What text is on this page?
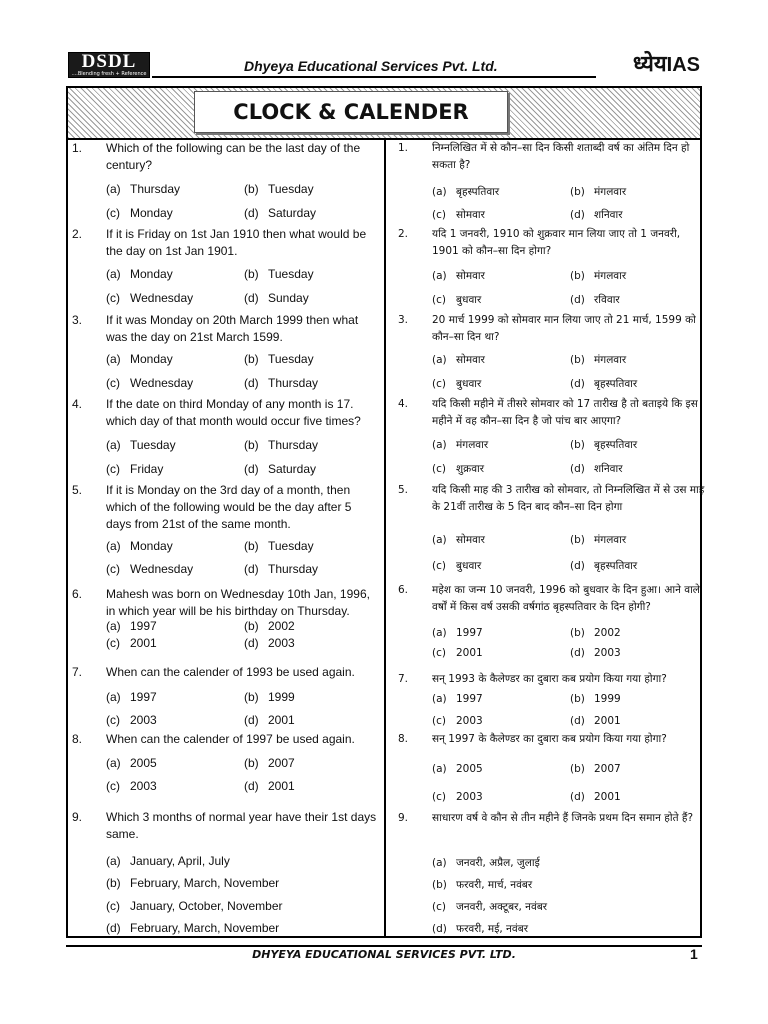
DSDL
....Blending fresh + Reference	Dhyeya Educational Services Pvt. Ltd.	ध्येयIAS
CLOCK & CALENDER
1. Which of the following can be the last day of the century?
(a) Thursday	(b) Tuesday
(c) Monday	(d) Saturday
2. If it is Friday on 1st Jan 1910 then what would be the day on 1st Jan 1901.
(a) Monday	(b) Tuesday
(c) Wednesday	(d) Sunday
3. If it was Monday on 20th March 1999 then what was the day on 21st March 1599.
(a) Monday	(b) Tuesday
(c) Wednesday	(d) Thursday
4. If the date on third Monday of any month is 17. which day of that month would occur five times?
(a) Tuesday	(b) Thursday
(c) Friday	(d) Saturday
5. If it is Monday on the 3rd day of a month, then which of the following would be the day after 5 days from 21st of the same month.
(a) Monday	(b) Tuesday
(c) Wednesday	(d) Thursday
6. Mahesh was born on Wednesday 10th Jan, 1996, in which year will be his birthday on Thursday.
(a) 1997	(b) 2002
(c) 2001	(d) 2003
7. When can the calender of 1993 be used again.
(a) 1997	(b) 1999
(c) 2003	(d) 2001
8. When can the calender of 1997 be used again.
(a) 2005	(b) 2007
(c) 2003	(d) 2001
9. Which 3 months of normal year have their 1st days same.
(a) January, April, July
(b) February, March, November
(c) January, October, November
(d) February, March, November
1. निम्नलिखित में से कौन–सा दिन किसी शताब्दी वर्ष का अंतिम दिन हो सकता है?
(a) बृहस्पतिवार	(b) मंगलवार
(c) सोमवार	(d) शनिवार
2. यदि 1 जनवरी, 1910 को शुक्रवार मान लिया जाए तो 1 जनवरी, 1901 को कौन–सा दिन होगा?
(a) सोमवार	(b) मंगलवार
(c) बुधवार	(d) रविवार
3. 20 मार्च 1999 को सोमवार मान लिया जाए तो 21 मार्च, 1599 को कौन–सा दिन था?
(a) सोमवार	(b) मंगलवार
(c) बुधवार	(d) बृहस्पतिवार
4. यदि किसी महीने में तीसरे सोमवार को 17 तारीख है तो बताइये कि इस महीने में वह कौन–सा दिन है जो पांच बार आएगा?
(a) मंगलवार	(b) बृहस्पतिवार
(c) शुक्रवार	(d) शनिवार
5. यदि किसी माह की 3 तारीख को सोमवार, तो निम्नलिखित में से उस माह के 21वीं तारीख के 5 दिन बाद कौन–सा दिन होगा
(a) सोमवार	(b) मंगलवार
(c) बुधवार	(d) बृहस्पतिवार
6. महेश का जन्म 10 जनवरी, 1996 को बुधवार के दिन हुआ। आने वाले वर्षों में किस वर्ष उसकी वर्षगांठ बृहस्पतिवार के दिन होगी?
(a) 1997	(b) 2002
(c) 2001	(d) 2003
7. सन् 1993 के कैलेण्डर का दुबारा कब प्रयोग किया गया होगा?
(a) 1997	(b) 1999
(c) 2003	(d) 2001
8. सन् 1997 के कैलेण्डर का दुबारा कब प्रयोग किया गया होगा?
(a) 2005	(b) 2007
(c) 2003	(d) 2001
9. साधारण वर्ष वे कौन से तीन महीने हैं जिनके प्रथम दिन समान होते हैं?
(a) जनवरी, अप्रैल, जुलाई
(b) फरवरी, मार्च, नवंबर
(c) जनवरी, अक्टूबर, नवंबर
(d) फरवरी, मई, नवंबर
DHYEYA EDUCATIONAL SERVICES PVT. LTD.	1
